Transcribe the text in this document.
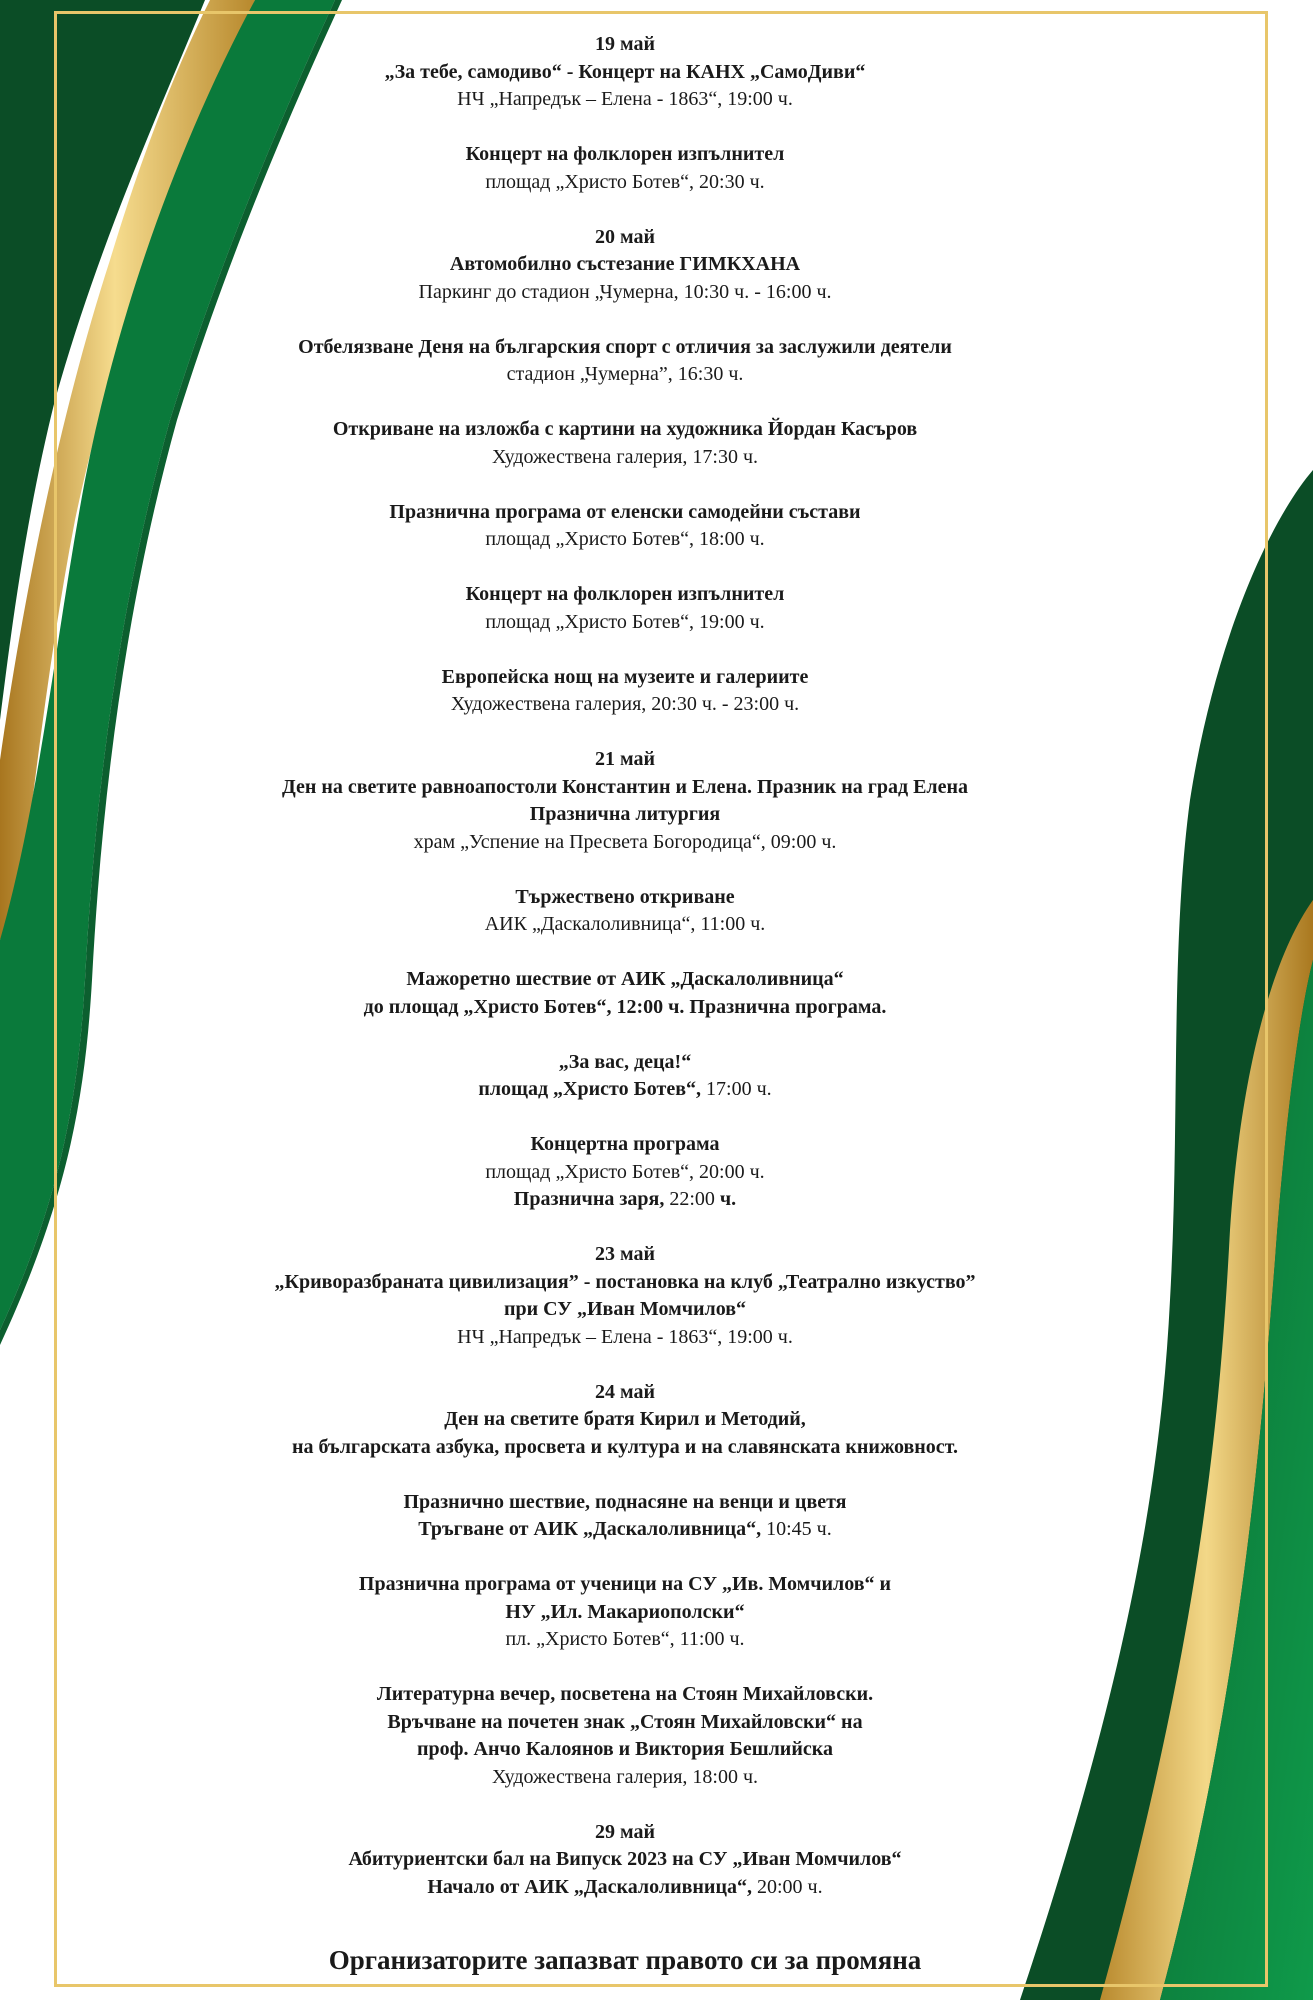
19 май

„За тебе, самодиво“ - Концерт на КАНХ „СамоДиви“

НЧ „Напредък – Елена - 1863“, 19:00 ч.

Концерт на фолклорен изпълнител

площад „Христо Ботев“, 20:30 ч.

20 май

Автомобилно състезание ГИМКХАНА

Паркинг до стадион „Чумерна, 10:30 ч. - 16:00 ч.

Отбелязване Деня на българския спорт с отличия за заслужили деятели

стадион „Чумерна”, 16:30 ч.

Откриване на изложба с картини на художника Йордан Касъров

Художествена галерия, 17:30 ч.

Празнична програма от еленски самодейни състави

площад „Христо Ботев“, 18:00 ч.

Концерт на фолклорен изпълнител

площад „Христо Ботев“, 19:00 ч.

Европейска нощ на музеите и галериите

Художествена галерия, 20:30 ч. - 23:00 ч.

21 май

Ден на светите равноапостоли Константин и Елена. Празник на град Елена

Празнична литургия

храм „Успение на Пресвета Богородица“, 09:00 ч.

Тържествено откриване

АИК „Даскалоливница“, 11:00 ч.

Мажоретно шествие от АИК „Даскалоливница“

до площад „Христо Ботев“, 12:00 ч. Празнична програма.

„За вас, деца!“

площад „Христо Ботев“, 17:00 ч.

Концертна програма

площад „Христо Ботев“, 20:00 ч.

Празнична заря, 22:00 ч.

23 май

„Криворазбраната цивилизация” - постановка на клуб „Театрално изкуство”

при СУ „Иван Момчилов“

НЧ „Напредък – Елена - 1863“, 19:00 ч.

24 май

Ден на светите братя Кирил и Методий,

на българската азбука, просвета и култура и на славянската книжовност.

Празнично шествие, поднасяне на венци и цветя

Тръгване от АИК „Даскалоливница“, 10:45 ч.

Празнична програма от ученици на СУ „Ив. Момчилов“ и

НУ „Ил. Макариополски“

пл. „Христо Ботев“, 11:00 ч.

Литературна вечер, посветена на Стоян Михайловски.

Връчване на почетен знак „Стоян Михайловски“ на

проф. Анчо Калоянов и Виктория Бешлийска

Художествена галерия, 18:00 ч.

29 май

Абитуриентски бал на Випуск 2023 на СУ „Иван Момчилов“

Начало от АИК „Даскалоливница“, 20:00 ч.

Организаторите запазват правото си за промяна
